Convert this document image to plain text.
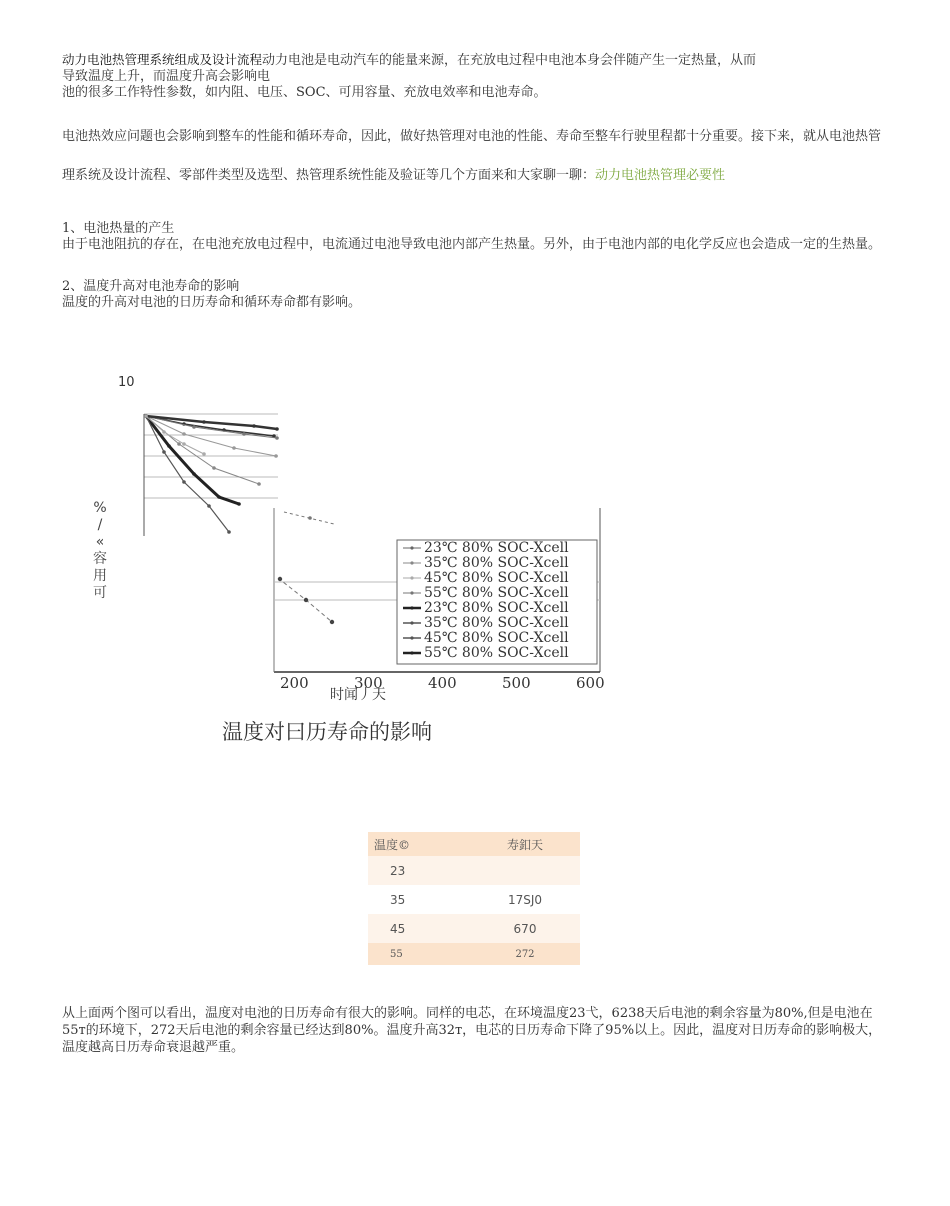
动力电池热管理系统组成及设计流程动力电池是电动汽车的能量来源，在充放电过程中电池本身会伴随产生一定热量，从而
导致温度上升，而温度升高会影响电
池的很多工作特性参数，如内阻、电压、SOC、可用容量、充放电效率和电池寿命。

电池热效应问题也会影响到整车的性能和循环寿命，因此，做好热管理对电池的性能、寿命至整车行驶里程都十分重要。接下来，就从电池热管理系统及设计流程、零部件类型及选型、热管理系统性能及验证等几个方面来和大家聊一聊：动力电池热管理必要性

1、电池热量的产生

由于电池阻抗的存在，在电池充放电过程中，电流通过电池导致电池内部产生热量。另外，由于电池内部的电化学反应也会造成一定的生热量。

2、温度升高对电池寿命的影响

温度的升高对电池的日历寿命和循环寿命都有影响。

10
200	300	400	500	600
时闻丿天
23℃ 80% SOC-Xcell
35℃ 80% SOC-Xcell
45℃ 80% SOC-Xcell
55℃ 80% SOC-Xcell
23℃ 80% SOC-Xcell
35℃ 80% SOC-Xcell
45℃ 80% SOC-Xcell
55℃ 80% SOC-Xcell
%
/
«
容
用
可
温度对曰历寿命的影响
温度©	寿釦天
23	
35	17SJ0
45	670
55	272

从上面两个图可以看出，温度对电池的日历寿命有很大的影响。同样的电芯，在环境温度23弋，6238天后电池的剩余容量为80%,但是电池在55т的环境下，272天后电池的剩余容量已经达到80%。温度升高32т，电芯的日历寿命下降了95%以上。因此，温度对日历寿命的影响极大，温度越高日历寿命衰退越严重。
